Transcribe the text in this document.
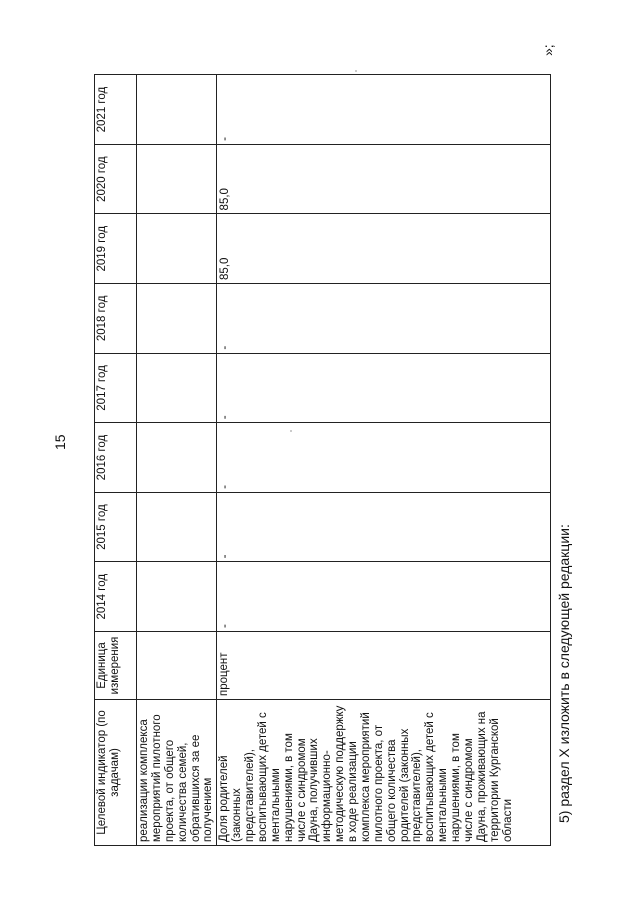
15
»;
Целевой индикатор (по задачам)	Единица измерения	2014 год	2015 год	2016 год	2017 год	2018 год	2019 год	2020 год	2021 год
реализации комплекса мероприятий пилотного проекта, от общего количества семей, обратившихся за ее получением									
Доля родителей (законных представителей), воспитывающих детей с ментальными нарушениями, в том числе с синдромом Дауна, получивших информационно-методическую поддержку в ходе реализации комплекса мероприятий пилотного проекта, от общего количества родителей (законных представителей), воспитывающих детей с ментальными нарушениями, в том числе с синдромом Дауна, проживающих на территории Курганской области	процент	-	-	-	-	-	85,0	85,0	-
5) раздел X изложить в следующей редакции:
